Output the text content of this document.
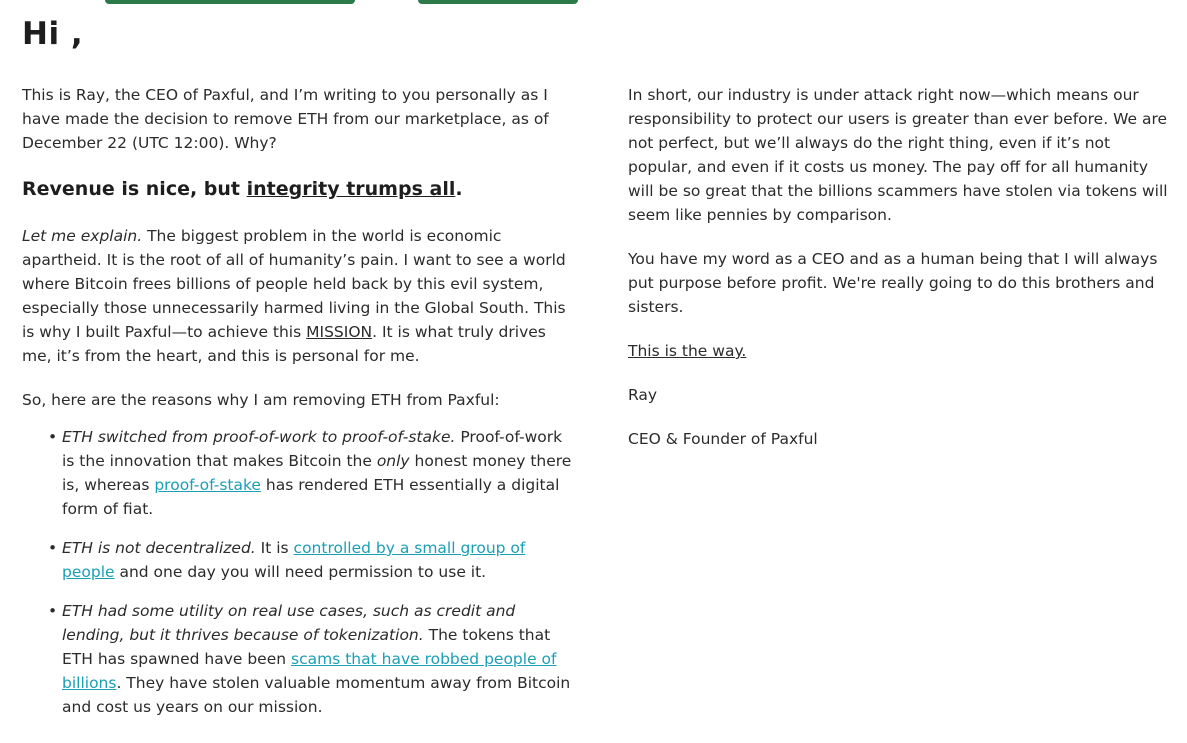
Hi ,

This is Ray, the CEO of Paxful, and I’m writing to you personally as I have made the decision to remove ETH from our marketplace, as of December 22 (UTC 12:00). Why?

Revenue is nice, but integrity trumps all.

Let me explain. The biggest problem in the world is economic apartheid. It is the root of all of humanity’s pain. I want to see a world where Bitcoin frees billions of people held back by this evil system, especially those unnecessarily harmed living in the Global South. This is why I built Paxful—to achieve this MISSION. It is what truly drives me, it’s from the heart, and this is personal for me.

So, here are the reasons why I am removing ETH from Paxful:

• ETH switched from proof-of-work to proof-of-stake. Proof-of-work is the innovation that makes Bitcoin the only honest money there is, whereas proof-of-stake has rendered ETH essentially a digital form of fiat.
• ETH is not decentralized. It is controlled by a small group of people and one day you will need permission to use it.
• ETH had some utility on real use cases, such as credit and lending, but it thrives because of tokenization. The tokens that ETH has spawned have been scams that have robbed people of billions. They have stolen valuable momentum away from Bitcoin and cost us years on our mission.

In short, our industry is under attack right now—which means our responsibility to protect our users is greater than ever before. We are not perfect, but we’ll always do the right thing, even if it’s not popular, and even if it costs us money. The pay off for all humanity will be so great that the billions scammers have stolen via tokens will seem like pennies by comparison.

You have my word as a CEO and as a human being that I will always put purpose before profit. We're really going to do this brothers and sisters.

This is the way.

Ray

CEO & Founder of Paxful
